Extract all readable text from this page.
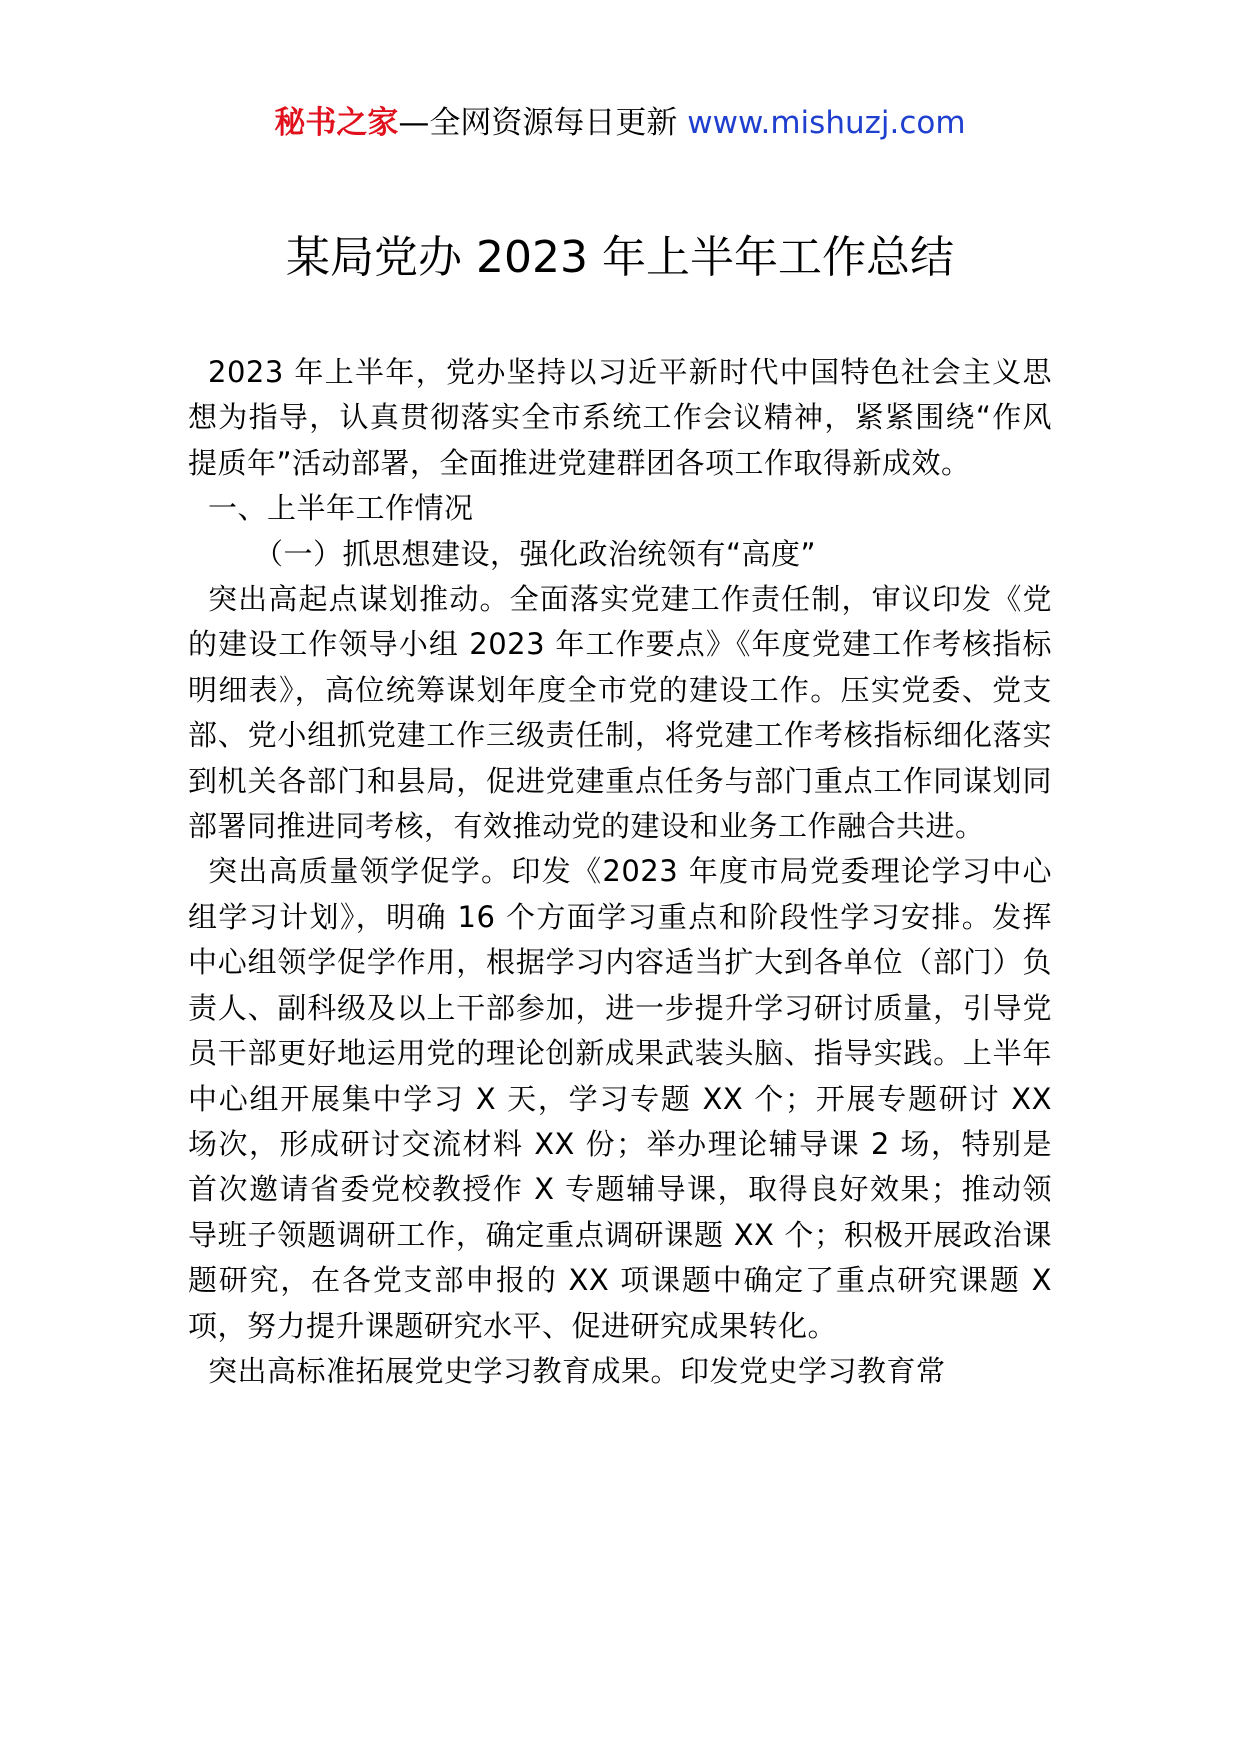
秘书之家—全网资源每日更新 www.mishuzj.com
某局党办 2023 年上半年工作总结

2023 年上半年，党办坚持以习近平新时代中国特色社会主义思想为指导，认真贯彻落实全市系统工作会议精神，紧紧围绕“作风提质年”活动部署，全面推进党建群团各项工作取得新成效。

一、上半年工作情况

（一）抓思想建设，强化政治统领有“高度”

突出高起点谋划推动。全面落实党建工作责任制，审议印发《党的建设工作领导小组 2023 年工作要点》《年度党建工作考核指标明细表》，高位统筹谋划年度全市党的建设工作。压实党委、党支部、党小组抓党建工作三级责任制，将党建工作考核指标细化落实到机关各部门和县局，促进党建重点任务与部门重点工作同谋划同部署同推进同考核，有效推动党的建设和业务工作融合共进。

突出高质量领学促学。印发《2023 年度市局党委理论学习中心组学习计划》，明确 16 个方面学习重点和阶段性学习安排。发挥中心组领学促学作用，根据学习内容适当扩大到各单位（部门）负责人、副科级及以上干部参加，进一步提升学习研讨质量，引导党员干部更好地运用党的理论创新成果武装头脑、指导实践。上半年中心组开展集中学习 X 天，学习专题 XX 个；开展专题研讨 XX 场次，形成研讨交流材料 XX 份；举办理论辅导课 2 场，特别是首次邀请省委党校教授作 X 专题辅导课，取得良好效果；推动领导班子领题调研工作，确定重点调研课题 XX 个；积极开展政治课题研究，在各党支部申报的 XX 项课题中确定了重点研究课题 X 项，努力提升课题研究水平、促进研究成果转化。

突出高标准拓展党史学习教育成果。印发党史学习教育常
